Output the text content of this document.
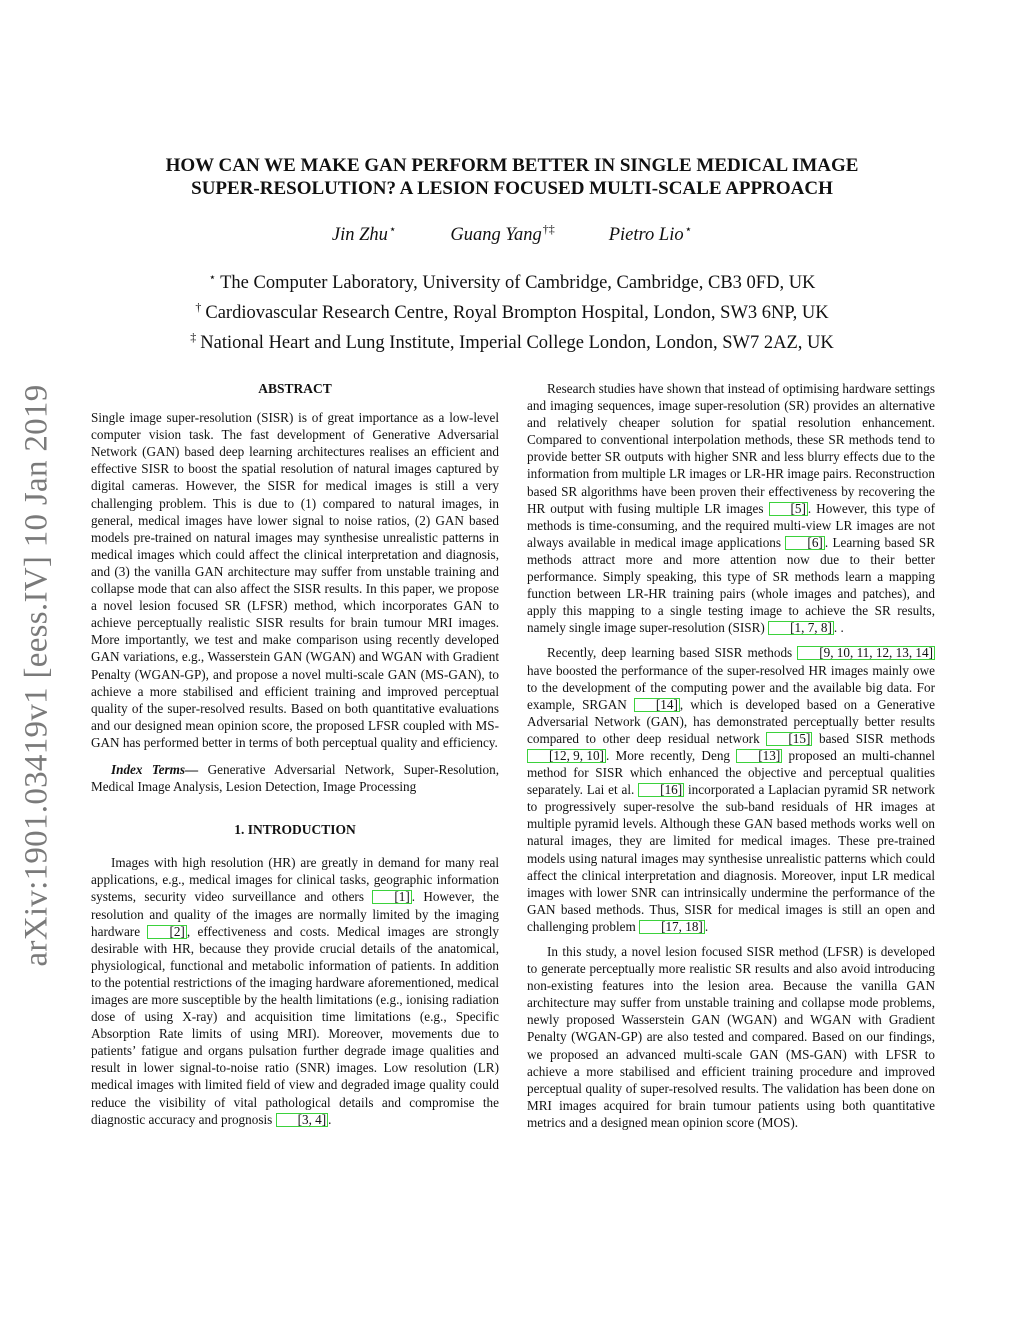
arXiv:1901.03419v1 [eess.IV] 10 Jan 2019
HOW CAN WE MAKE GAN PERFORM BETTER IN SINGLE MEDICAL IMAGE
SUPER-RESOLUTION? A LESION FOCUSED MULTI-SCALE APPROACH
Jin Zhu⋆	Guang Yang†‡	Pietro Lio⋆
⋆ The Computer Laboratory, University of Cambridge, Cambridge, CB3 0FD, UK
† Cardiovascular Research Centre, Royal Brompton Hospital, London, SW3 6NP, UK
‡ National Heart and Lung Institute, Imperial College London, London, SW7 2AZ, UK
ABSTRACT

Single image super-resolution (SISR) is of great importance as a low-level computer vision task. The fast development of Generative Adversarial Network (GAN) based deep learning architectures realises an efficient and effective SISR to boost the spatial resolution of natural images captured by digital cameras. However, the SISR for medical images is still a very challenging problem. This is due to (1) compared to natural images, in general, medical images have lower signal to noise ratios, (2) GAN based models pre-trained on natural images may synthesise unrealistic patterns in medical images which could affect the clinical interpretation and diagnosis, and (3) the vanilla GAN architecture may suffer from unstable training and collapse mode that can also affect the SISR results. In this paper, we propose a novel lesion focused SR (LFSR) method, which incorporates GAN to achieve perceptually realistic SISR results for brain tumour MRI images. More importantly, we test and make comparison using recently developed GAN variations, e.g., Wasserstein GAN (WGAN) and WGAN with Gradient Penalty (WGAN-GP), and propose a novel multi-scale GAN (MS-GAN), to achieve a more stabilised and efficient training and improved perceptual quality of the super-resolved results. Based on both quantitative evaluations and our designed mean opinion score, the proposed LFSR coupled with MS-GAN has performed better in terms of both perceptual quality and efficiency.

Index Terms— Generative Adversarial Network, Super-Resolution, Medical Image Analysis, Lesion Detection, Image Processing

1. INTRODUCTION

Images with high resolution (HR) are greatly in demand for many real applications, e.g., medical images for clinical tasks, geographic information systems, security video surveillance and others [1] . However, the resolution and quality of the images are normally limited by the imaging hardware [2] , effectiveness and costs. Medical images are strongly desirable with HR, because they provide crucial details of the anatomical, physiological, functional and metabolic information of patients. In addition to the potential restrictions of the imaging hardware aforementioned, medical images are more susceptible by the health limitations (e.g., ionising radiation dose of using X-ray) and acquisition time limitations (e.g., Specific Absorption Rate limits of using MRI). Moreover, movements due to patients’ fatigue and organs pulsation further degrade image qualities and result in lower signal-to-noise ratio (SNR) images. Low resolution (LR) medical images with limited field of view and degraded image quality could reduce the visibility of vital pathological details and compromise the diagnostic accuracy and prognosis [3, 4] .

Research studies have shown that instead of optimising hardware settings and imaging sequences, image super-resolution (SR) provides an alternative and relatively cheaper solution for spatial resolution enhancement. Compared to conventional interpolation methods, these SR methods tend to provide better SR outputs with higher SNR and less blurry effects due to the information from multiple LR images or LR-HR image pairs. Reconstruction based SR algorithms have been proven their effectiveness by recovering the HR output with fusing multiple LR images [5] . However, this type of methods is time-consuming, and the required multi-view LR images are not always available in medical image applications [6] . Learning based SR methods attract more and more attention now due to their better performance. Simply speaking, this type of SR methods learn a mapping function between LR-HR training pairs (whole images and patches), and apply this mapping to a single testing image to achieve the SR results, namely single image super-resolution (SISR) [1, 7, 8] . .

Recently, deep learning based SISR methods [9, 10, 11, 12, 13, 14] have boosted the performance of the super-resolved HR images mainly owe to the development of the computing power and the available big data. For example, SRGAN [14] , which is developed based on a Generative Adversarial Network (GAN), has demonstrated perceptually better results compared to other deep residual network [15] based SISR methods [12, 9, 10] . More recently, Deng [13] proposed an multi-channel method for SISR which enhanced the objective and perceptual qualities separately. Lai et al. [16] incorporated a Laplacian pyramid SR network to progressively super-resolve the sub-band residuals of HR images at multiple pyramid levels. Although these GAN based methods works well on natural images, they are limited for medical images. These pre-trained models using natural images may synthesise unrealistic patterns which could affect the clinical interpretation and diagnosis. Moreover, input LR medical images with lower SNR can intrinsically undermine the performance of the GAN based methods. Thus, SISR for medical images is still an open and challenging problem [17, 18] .

In this study, a novel lesion focused SISR method (LFSR) is developed to generate perceptually more realistic SR results and also avoid introducing non-existing features into the lesion area. Because the vanilla GAN architecture may suffer from unstable training and collapse mode problems, newly proposed Wasserstein GAN (WGAN) and WGAN with Gradient Penalty (WGAN-GP) are also tested and compared. Based on our findings, we proposed an advanced multi-scale GAN (MS-GAN) with LFSR to achieve a more stabilised and efficient training procedure and improved perceptual quality of super-resolved results. The validation has been done on MRI images acquired for brain tumour patients using both quantitative metrics and a designed mean opinion score (MOS).
